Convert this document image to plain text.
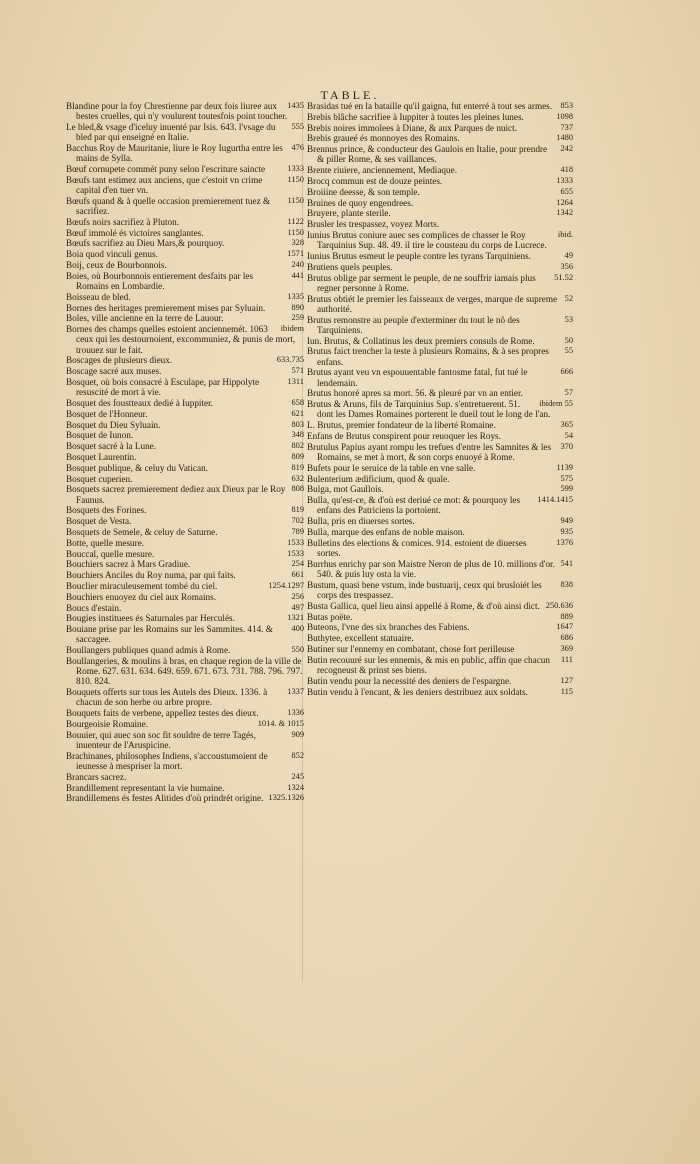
TABLE.
1435
Blandine pour la foy Chrestienne par deux fois liuree aux bestes cruelles, qui n'y voulurent toutesfois point toucher.
555
Le bled,& vsage d'iceluy inuenté par Isis. 643. l'vsage du bled par qui enseigné en Italie.
476
Bacchus Roy de Mauritanie, liure le Roy Iugurtha entre les mains de Sylla.
1333
Bœuf cornupete commét puny selon l'escriture saincte
1150
Bœufs tant estimez aux anciens, que c'estoit vn crime capital d'en tuer vn.
1150
Bœufs quand & à quelle occasion premierement tuez & sacrifiez.
1122
Bœufs noirs sacrifiez à Pluton.
1150
Bœuf immolé és victoires sanglantes.
328
Bœufs sacrifiez au Dieu Mars,& pourquoy.
1571
Boia quod vinculi genus.
240
Boij, ceux de Bourbonnois.
441
Boies, où Bourbonnois entierement desfaits par les Romains en Lombardie.
1335
Boisseau de bled.
890
Bornes des heritages premierement mises par Syluain.
259
Boles, ville ancienne en la terre de Lauour.
ibidem
Bornes des champs quelles estoient anciennemét. 1063 ceux qui les destournoient, excommuniez, & punis de mort, trouuez sur le fait.
633.735
Boscages de plusieurs dieux.
571
Boscage sacré aux muses.
1311
Bosquet, où bois consacré à Esculape, par Hippolyte resuscité de mort à vie.
658
Bosquet des foustteaux dedié à Iuppiter.
621
Bosquet de l'Honneur.
803
Bosquet du Dieu Syluain.
348
Bosquet de Iunon.
802
Bosquet sacré à la Lune.
809
Bosquet Laurentin.
819
Bosquet publique, & celuy du Vatican.
632
Bosquet cuperien.
808
Bosquets sacrez premierement dediez aux Dieux par le Roy Faunus.
819
Bosquets des Forines.
702
Bosquet de Vesta.
789
Bosquets de Semele, & celuy de Saturne.
1533
Botte, quelle mesure.
1533
Bouccal, quelle mesure.
254
Bouchiers sacrez à Mars Gradiue.
661
Bouchiers Anciles du Roy numa, par qui faits.
1254.1297
Bouclier miraculeusement tombé du ciel.
256
Bouchiers enuoyez du ciel aux Romains.
497
Boucs d'estain.
1321
Bougies instituees és Saturnales par Herculés.
400
Bouiane prise par les Romains sur les Sammites. 414. & saccagee.
550
Boullangers publiques quand admis à Rome.
Boullangeries, & moulins à bras, en chaque region de la ville de Rome. 627. 631. 634. 649. 659. 671. 673. 731. 788. 796. 797. 810. 824.
1337
Bouquets offerts sur tous les Autels des Dieux. 1336. à chacun de son herbe ou arbre propre.
1336
Bouquets faits de verbene, appellez testes des dieux.
1014. & 1015
Bourgeoisie Romaine.
909
Bouuier, qui auec son soc fit souldre de terre Tagés, inuenteur de l'Aruspicine.
852
Brachinanes, philosophes Indiens, s'accoustumoient de ieunesse à mespriser la mort.
245
Brancars sacrez.
1324
Brandillement representant la vie humaine.
1325.1326
Brandillemens és festes Alitides d'où prindrét origine.
853
Brasidas tué en la bataille qu'il gaigna, fut enterré à tout ses armes.
1098
Brebis blâche sacrifiee à Iuppiter à toutes les pleines lunes.
737
Brebis noires immolees à Diane, & aux Parques de nuict.
1480
Brebis graueé és monnoyes des Romains.
242
Brennus prince, & conducteur des Gaulois en Italie, pour prendre & piller Rome, & ses vaillances.
418
Brente riuiere, anciennement, Mediaque.
1333
Brocq commun est de douze peintes.
655
Broiiine deesse, & son temple.
1264
Bruines de quoy engendrees.
1342
Bruyere, plante sterile.
Brusler les trespassez, voyez Morts.
ibid.
Iunius Brutus coniure auec ses complices de chasser le Roy Tarquinius Sup. 48. 49. il tire le cousteau du corps de Lucrece.
49
Iunius Brutus esmeut le peuple contre les tyrans Tarquiniens.
356
Brutiens quels peuples.
51.52
Brutus oblige par serment le peuple, de ne souffrir iamais plus regner personne à Rome.
52
Brutus obtiét le premier les faisseaux de verges, marque de supreme authorité.
53
Brutus remonstre au peuple d'exterminer du tout le nô des Tarquiniens.
50
Iun. Brutus, & Collatinus les deux premiers consuls de Rome.
55
Brutus faict trencher la teste à plusieurs Romains, & à ses propres enfans.
666
Brutus ayant veu vn espouuentable fantosme fatal, fut tué le lendemain.
57
Brutus honoré apres sa mort. 56. & pleuré par vn an entier.
ibidem 55
Brutus & Aruns, fils de Tarquinius Sup. s'entretuerent. 51. dont les Dames Romaines porterent le dueil tout le long de l'an.
365
L. Brutus, premier fondateur de la liberté Romaine.
54
Enfans de Brutus conspirent pour reuoquer les Roys.
370
Brutulus Papius ayant rompu les trefues d'entre les Samnites & les Romains, se met à mort, & son corps enuoyé à Rome.
1139
Bufets pour le seruice de la table en vne salle.
575
Bulenterium ædificium, quod & quale.
599
Bulga, mot Gaullois.
1414.1415
Bulla, qu'est-ce, & d'où est deriué ce mot: & pourquoy les enfans des Patriciens la portoient.
949
Bulla, pris en diuerses sortes.
935
Bulla, marque des enfans de noble maison.
1376
Bulletins des elections & comices. 914. estoient de diuerses sortes.
541
Burrhus enrichy par son Maistre Neron de plus de 10. millions d'or. 540. & puis luy osta la vie.
838
Bustum, quasi bene vstum, inde bustuarij, ceux qui brusloiét les corps des trespassez.
250.636
Busta Gallica, quel lieu ainsi appellé à Rome, & d'où ainsi dict.
889
Butas poëte.
1647
Buteons, l'vne des six branches des Fabiens.
686
Buthytee, excellent statuaire.
369
Butiner sur l'ennemy en combatant, chose fort perilleuse
111
Butin recouuré sur les ennemis, & mis en public, affin que chacun recogneust & prinst ses biens.
127
Butin vendu pour la necessité des deniers de l'espargne.
115
Butin vendu à l'encant, & les deniers destribuez aux soldats.
